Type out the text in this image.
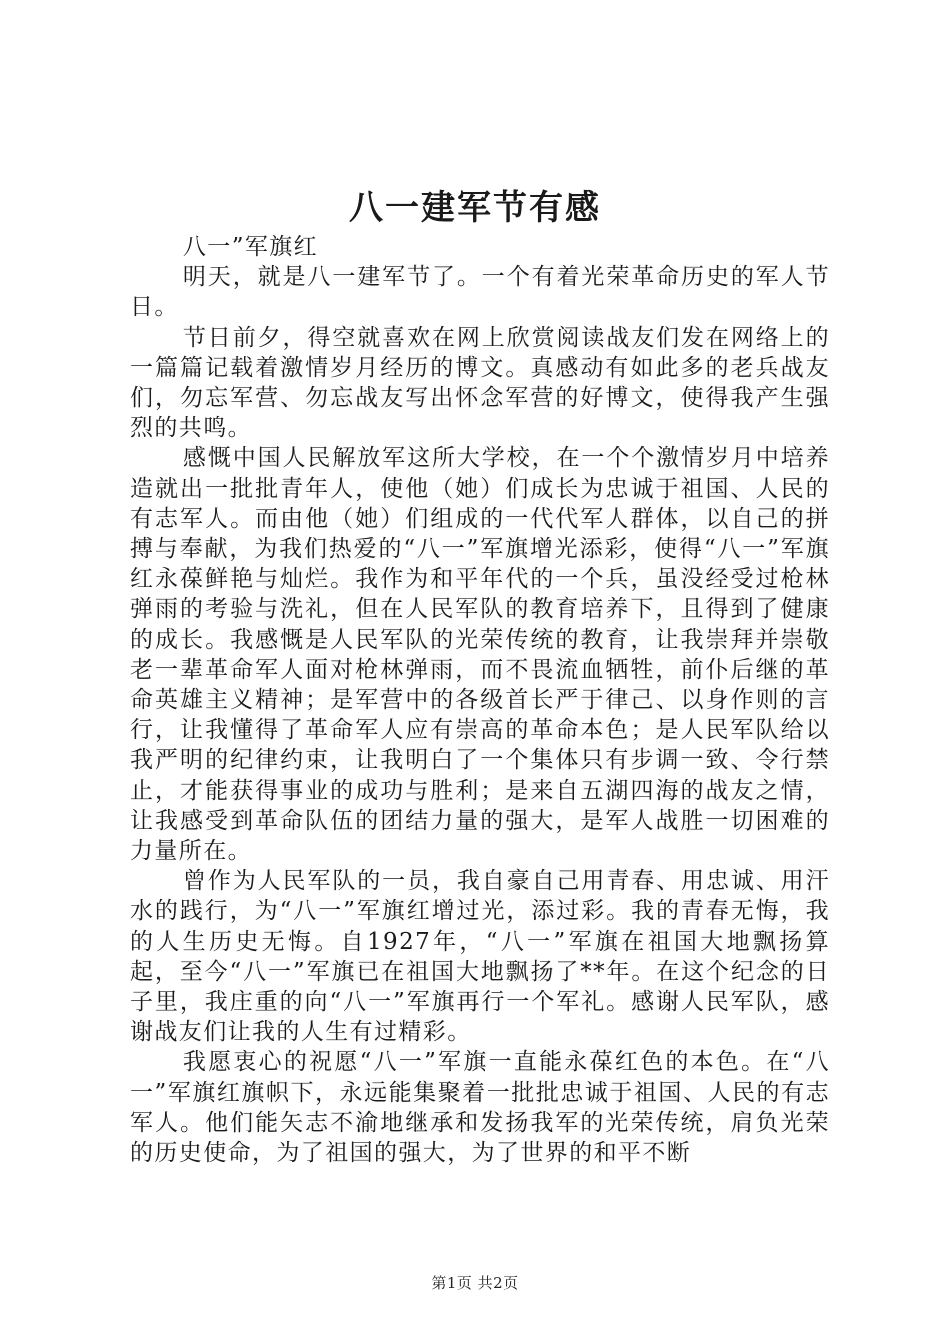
八一建军节有感

八一”军旗红

明天，就是八一建军节了。一个有着光荣革命历史的军人节日。

节日前夕，得空就喜欢在网上欣赏阅读战友们发在网络上的一篇篇记载着激情岁月经历的博文。真感动有如此多的老兵战友们，勿忘军营、勿忘战友写出怀念军营的好博文，使得我产生强烈的共鸣。

感慨中国人民解放军这所大学校，在一个个激情岁月中培养造就出一批批青年人，使他（她）们成长为忠诚于祖国、人民的有志军人。而由他（她）们组成的一代代军人群体，以自己的拼搏与奉献，为我们热爱的“八一”军旗增光添彩，使得“八一”军旗红永葆鲜艳与灿烂。我作为和平年代的一个兵，虽没经受过枪林弹雨的考验与洗礼，但在人民军队的教育培养下，且得到了健康的成长。我感慨是人民军队的光荣传统的教育，让我崇拜并崇敬老一辈革命军人面对枪林弹雨，而不畏流血牺牲，前仆后继的革命英雄主义精神；是军营中的各级首长严于律己、以身作则的言行，让我懂得了革命军人应有崇高的革命本色；是人民军队给以我严明的纪律约束，让我明白了一个集体只有步调一致、令行禁止，才能获得事业的成功与胜利；是来自五湖四海的战友之情，让我感受到革命队伍的团结力量的强大，是军人战胜一切困难的力量所在。

曾作为人民军队的一员，我自豪自己用青春、用忠诚、用汗水的践行，为“八一”军旗红增过光，添过彩。我的青春无悔，我的人生历史无悔。自1927年，“八一”军旗在祖国大地飘扬算起，至今“八一”军旗已在祖国大地飘扬了**年。在这个纪念的日子里，我庄重的向“八一”军旗再行一个军礼。感谢人民军队，感谢战友们让我的人生有过精彩。

我愿衷心的祝愿“八一”军旗一直能永葆红色的本色。在“八一”军旗红旗帜下，永远能集聚着一批批忠诚于祖国、人民的有志军人。他们能矢志不渝地继承和发扬我军的光荣传统，肩负光荣的历史使命，为了祖国的强大，为了世界的和平不断

第1页 共2页
